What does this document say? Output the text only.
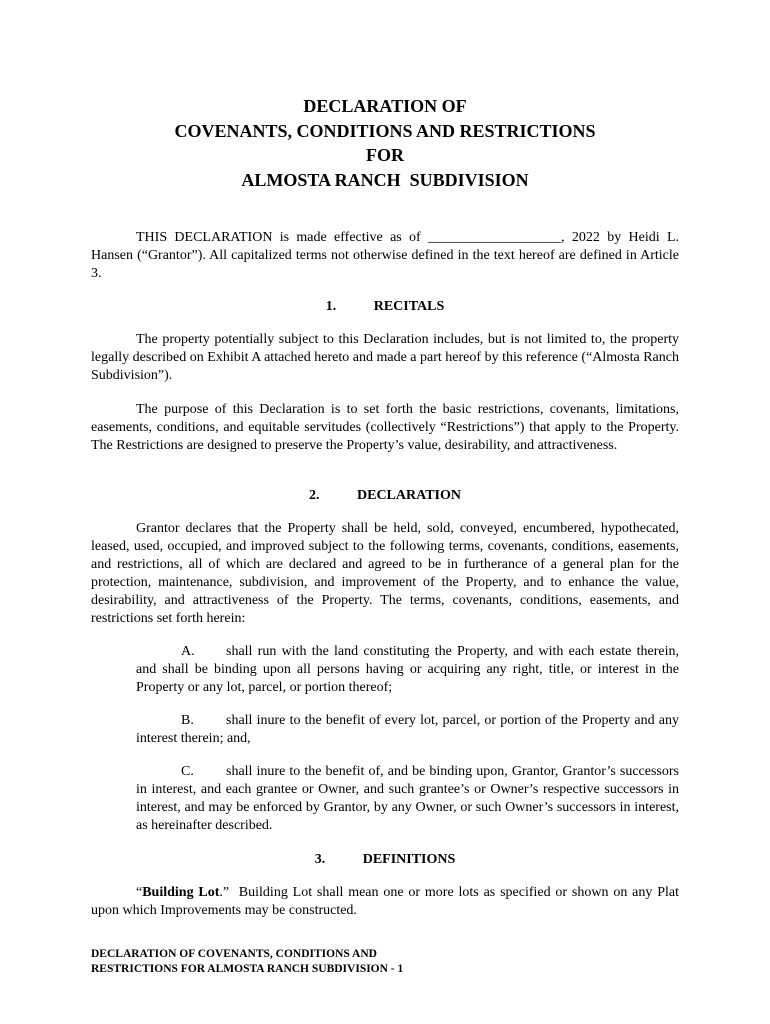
DECLARATION OF
COVENANTS, CONDITIONS AND RESTRICTIONS
FOR
ALMOSTA RANCH  SUBDIVISION

THIS DECLARATION is made effective as of ___________________, 2022 by Heidi L. Hansen (“Grantor”). All capitalized terms not otherwise defined in the text hereof are defined in Article 3.

1.	RECITALS

The property potentially subject to this Declaration includes, but is not limited to, the property legally described on Exhibit A attached hereto and made a part hereof by this reference (“Almosta Ranch Subdivision”).

The purpose of this Declaration is to set forth the basic restrictions, covenants, limitations, easements, conditions, and equitable servitudes (collectively “Restrictions”) that apply to the Property. The Restrictions are designed to preserve the Property’s value, desirability, and attractiveness.

2.	DECLARATION

Grantor declares that the Property shall be held, sold, conveyed, encumbered, hypothecated, leased, used, occupied, and improved subject to the following terms, covenants, conditions, easements, and restrictions, all of which are declared and agreed to be in furtherance of a general plan for the protection, maintenance, subdivision, and improvement of the Property, and to enhance the value, desirability, and attractiveness of the Property. The terms, covenants, conditions, easements, and restrictions set forth herein:

A. shall run with the land constituting the Property, and with each estate therein, and shall be binding upon all persons having or acquiring any right, title, or interest in the Property or any lot, parcel, or portion thereof;

B. shall inure to the benefit of every lot, parcel, or portion of the Property and any interest therein; and,

C. shall inure to the benefit of, and be binding upon, Grantor, Grantor’s successors in interest, and each grantee or Owner, and such grantee’s or Owner’s respective successors in interest, and may be enforced by Grantor, by any Owner, or such Owner’s successors in interest, as hereinafter described.

3.	DEFINITIONS

“Building Lot.”  Building Lot shall mean one or more lots as specified or shown on any Plat upon which Improvements may be constructed.

DECLARATION OF COVENANTS, CONDITIONS AND
RESTRICTIONS FOR ALMOSTA RANCH SUBDIVISION - 1
